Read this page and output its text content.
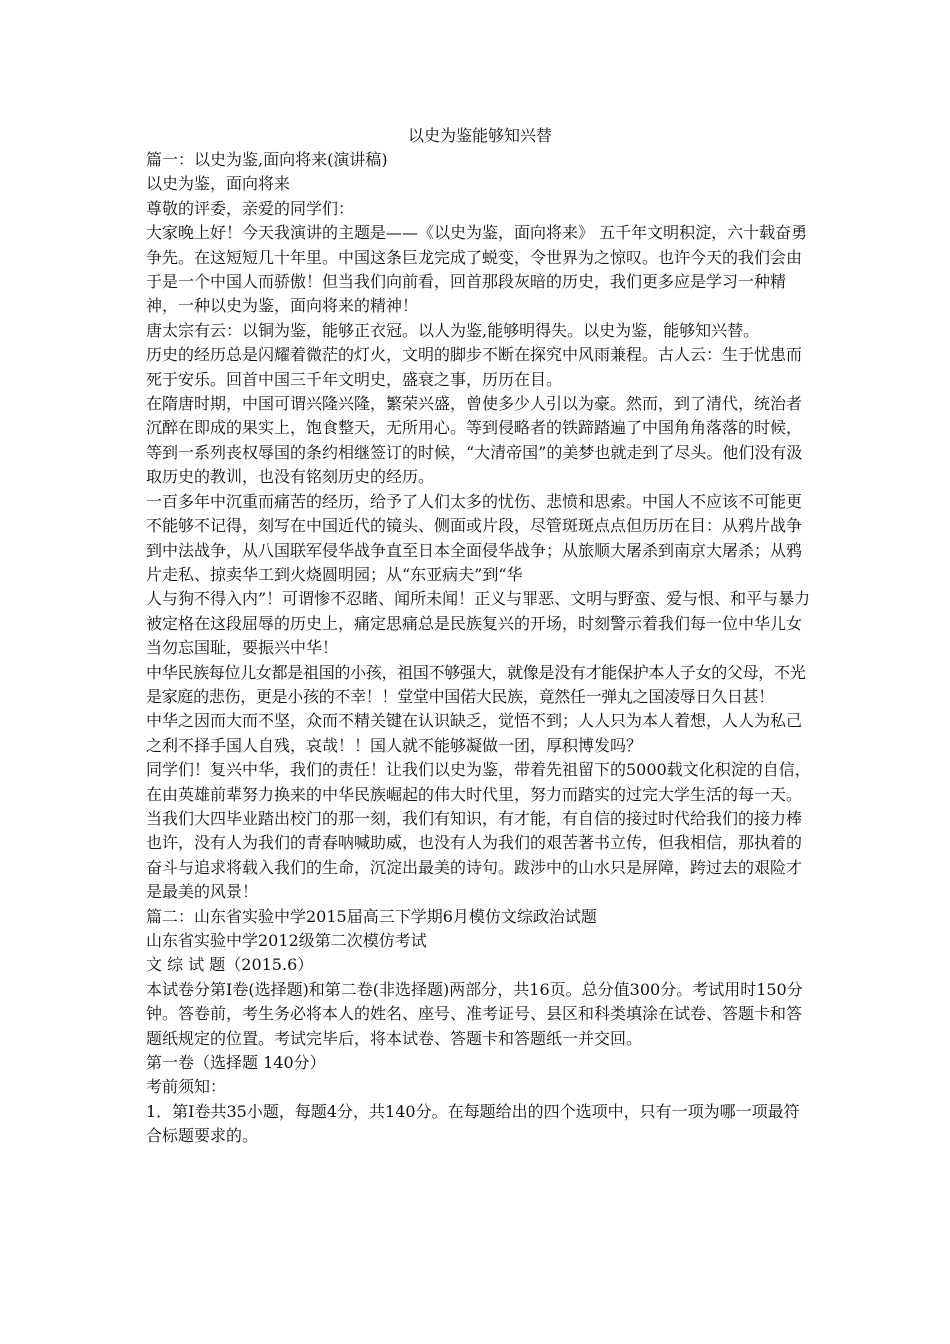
以史为鉴能够知兴替

篇一：以史为鉴,面向将来(演讲稿)

以史为鉴，面向将来

尊敬的评委，亲爱的同学们：

大家晚上好！今天我演讲的主题是——《以史为鉴，面向将来》 五千年文明积淀，六十载奋勇争先。在这短短几十年里。中国这条巨龙完成了蜕变，令世界为之惊叹。也许今天的我们会由于是一个中国人而骄傲！但当我们向前看，回首那段灰暗的历史，我们更多应是学习一种精神，一种以史为鉴，面向将来的精神！

唐太宗有云：以铜为鉴，能够正衣冠。以人为鉴,能够明得失。以史为鉴，能够知兴替。

历史的经历总是闪耀着微茫的灯火，文明的脚步不断在探究中风雨兼程。古人云：生于忧患而死于安乐。回首中国三千年文明史，盛衰之事，历历在目。

在隋唐时期，中国可谓兴隆兴隆，繁荣兴盛，曾使多少人引以为豪。然而，到了清代，统治者沉醉在即成的果实上，饱食整天，无所用心。等到侵略者的铁蹄踏遍了中国角角落落的时候，等到一系列丧权辱国的条约相继签订的时候，“大清帝国”的美梦也就走到了尽头。他们没有汲取历史的教训，也没有铭刻历史的经历。

一百多年中沉重而痛苦的经历，给予了人们太多的忧伤、悲愤和思索。中国人不应该不可能更不能够不记得，刻写在中国近代的镜头、侧面或片段，尽管斑斑点点但历历在目：从鸦片战争到中法战争，从八国联军侵华战争直至日本全面侵华战争；从旅顺大屠杀到南京大屠杀；从鸦片走私、掠卖华工到火烧圆明园；从“东亚病夫”到“华

人与狗不得入内”！可谓惨不忍睹、闻所未闻！正义与罪恶、文明与野蛮、爱与恨、和平与暴力被定格在这段屈辱的历史上，痛定思痛总是民族复兴的开场，时刻警示着我们每一位中华儿女当勿忘国耻，要振兴中华！

中华民族每位儿女都是祖国的小孩，祖国不够强大，就像是没有才能保护本人子女的父母，不光是家庭的悲伤，更是小孩的不幸！！堂堂中国偌大民族，竟然任一弹丸之国凌辱日久日甚！

中华之因而大而不坚，众而不精关键在认识缺乏，觉悟不到；人人只为本人着想，人人为私己之利不择手国人自残，哀哉！！国人就不能够凝做一团，厚积博发吗？

同学们！复兴中华，我们的责任！让我们以史为鉴，带着先祖留下的5000载文化积淀的自信，在由英雄前辈努力换来的中华民族崛起的伟大时代里，努力而踏实的过完大学生活的每一天。当我们大四毕业踏出校门的那一刻，我们有知识，有才能，有自信的接过时代给我们的接力棒

也许，没有人为我们的青春呐喊助威，也没有人为我们的艰苦著书立传，但我相信，那执着的奋斗与追求将载入我们的生命，沉淀出最美的诗句。跋涉中的山水只是屏障，跨过去的艰险才是最美的风景！

篇二：山东省实验中学2015届高三下学期6月模仿文综政治试题

山东省实验中学2012级第二次模仿考试

文 综 试 题（2015.6）

本试卷分第I卷(选择题)和第二卷(非选择题)两部分，共16页。总分值300分。考试用时150分钟。答卷前，考生务必将本人的姓名、座号、准考证号、县区和科类填涂在试卷、答题卡和答题纸规定的位置。考试完毕后，将本试卷、答题卡和答题纸一并交回。

第一卷（选择题 140分）

考前须知：

1．第I卷共35小题，每题4分，共140分。在每题给出的四个选项中，只有一项为哪一项最符合标题要求的。
